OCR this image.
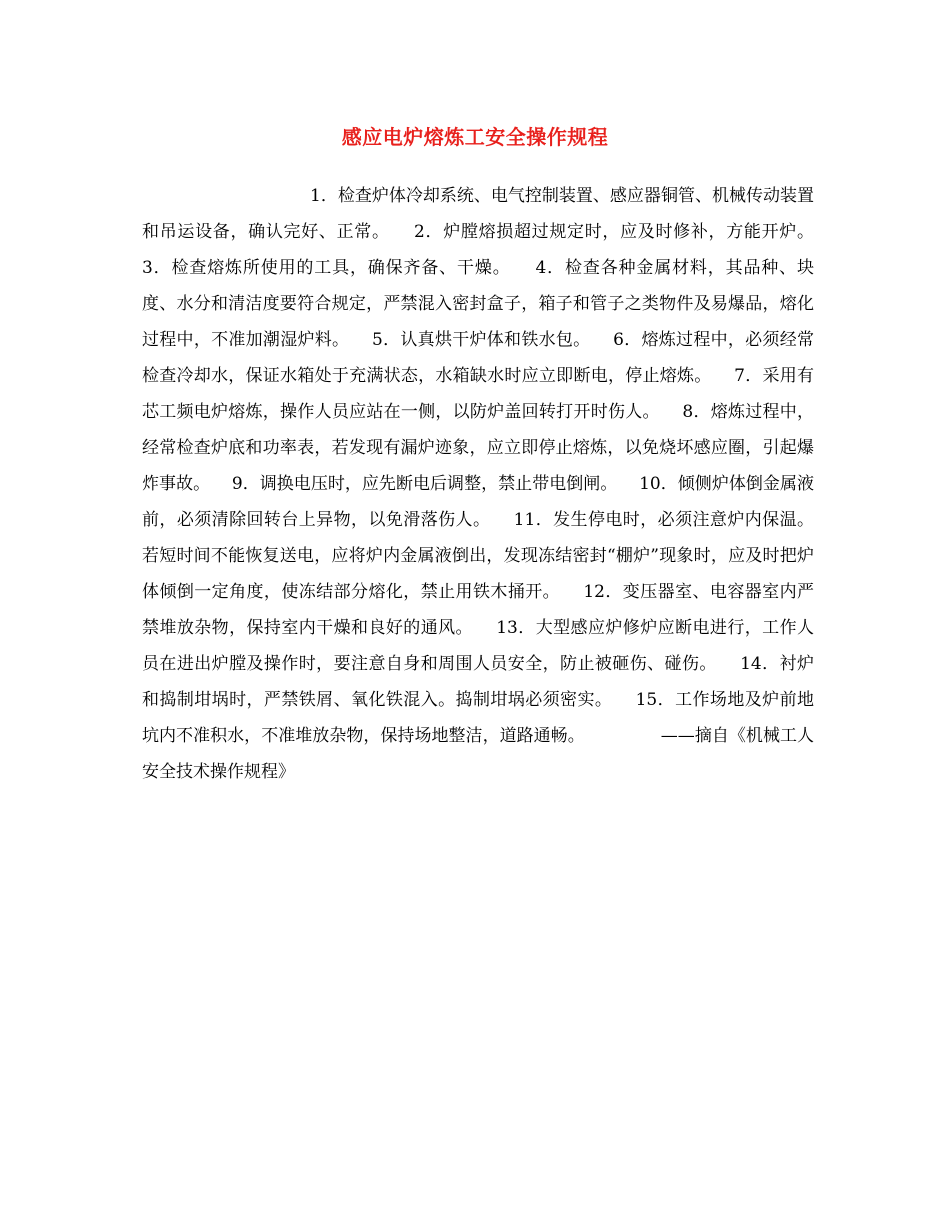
感应电炉熔炼工安全操作规程
1．检查炉体冷却系统、电气控制装置、感应器铜管、机械传动装置和吊运设备，确认完好、正常。    2．炉膛熔损超过规定时，应及时修补，方能开炉。    3．检查熔炼所使用的工具，确保齐备、干燥。    4．检查各种金属材料，其品种、块度、水分和清洁度要符合规定，严禁混入密封盒子，箱子和管子之类物件及易爆品，熔化过程中，不准加潮湿炉料。    5．认真烘干炉体和铁水包。    6．熔炼过程中，必须经常检查冷却水，保证水箱处于充满状态，水箱缺水时应立即断电，停止熔炼。    7．采用有芯工频电炉熔炼，操作人员应站在一侧，以防炉盖回转打开时伤人。    8．熔炼过程中，经常检查炉底和功率表，若发现有漏炉迹象，应立即停止熔炼，以免烧坏感应圈，引起爆炸事故。    9．调换电压时，应先断电后调整，禁止带电倒闸。    10．倾侧炉体倒金属液前，必须清除回转台上异物，以免滑落伤人。    11．发生停电时，必须注意炉内保温。若短时间不能恢复送电，应将炉内金属液倒出，发现冻结密封“棚炉”现象时，应及时把炉体倾倒一定角度，使冻结部分熔化，禁止用铁木捅开。    12．变压器室、电容器室内严禁堆放杂物，保持室内干燥和良好的通风。    13．大型感应炉修炉应断电进行，工作人员在进出炉膛及操作时，要注意自身和周围人员安全，防止被砸伤、碰伤。    14．衬炉和捣制坩埚时，严禁铁屑、氧化铁混入。捣制坩埚必须密实。    15．工作场地及炉前地坑内不准积水，不准堆放杂物，保持场地整洁，道路通畅。              ——摘自《机械工人安全技术操作规程》
